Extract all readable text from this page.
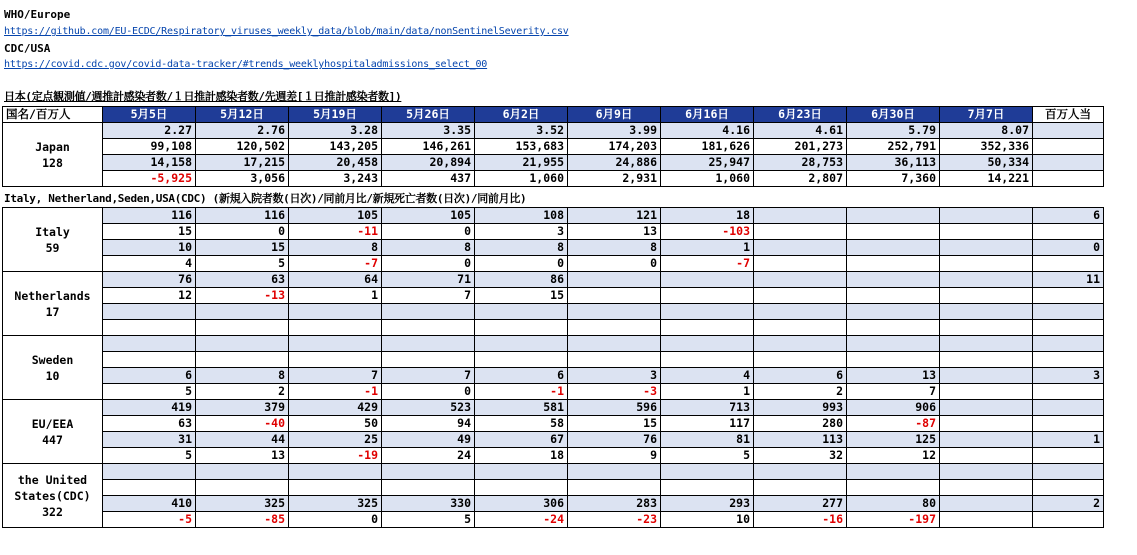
WHO/Europe
https://github.com/EU-ECDC/Respiratory_viruses_weekly_data/blob/main/data/nonSentinelSeverity.csv
CDC/USA
https://covid.cdc.gov/covid-data-tracker/#trends_weeklyhospitaladmissions_select_00
日本(定点観測値/週推計感染者数/１日推計感染者数/先週差[１日推計感染者数])
国名/百万人	5月5日	5月12日	5月19日	5月26日	6月2日	6月9日	6月16日	6月23日	6月30日	7月7日	百万人当

Japan
128	2.27	2.76	3.28	3.35	3.52	3.99	4.16	4.61	5.79	8.07	
	99,108	120,502	143,205	146,261	153,683	174,203	181,626	201,273	252,791	352,336	
	14,158	17,215	20,458	20,894	21,955	24,886	25,947	28,753	36,113	50,334	
	-5,925	3,056	3,243	437	1,060	2,931	1,060	2,807	7,360	14,221	
Italy, Netherland,Seden,USA(CDC) (新規入院者数(日次)/同前月比/新規死亡者数(日次)/同前月比)
Italy
59	116	116	105	105	108	121	18				6
	15	0	-11	0	3	13	-103				
	10	15	8	8	8	8	1				0
	4	5	-7	0	0	0	-7				

Netherlands
17	76	63	64	71	86						11
	12	-13	1	7	15						

Sweden
10											

	6	8	7	7	6	3	4	6	13		3
	5	2	-1	0	-1	-3	1	2	7		

EU/EEA
447	419	379	429	523	581	596	713	993	906		
	63	-40	50	94	58	15	117	280	-87		
	31	44	25	49	67	76	81	113	125		1
	5	13	-19	24	18	9	5	32	12		

the United States(CDC)
322											

	410	325	325	330	306	283	293	277	80		2
	-5	-85	0	5	-24	-23	10	-16	-197		
